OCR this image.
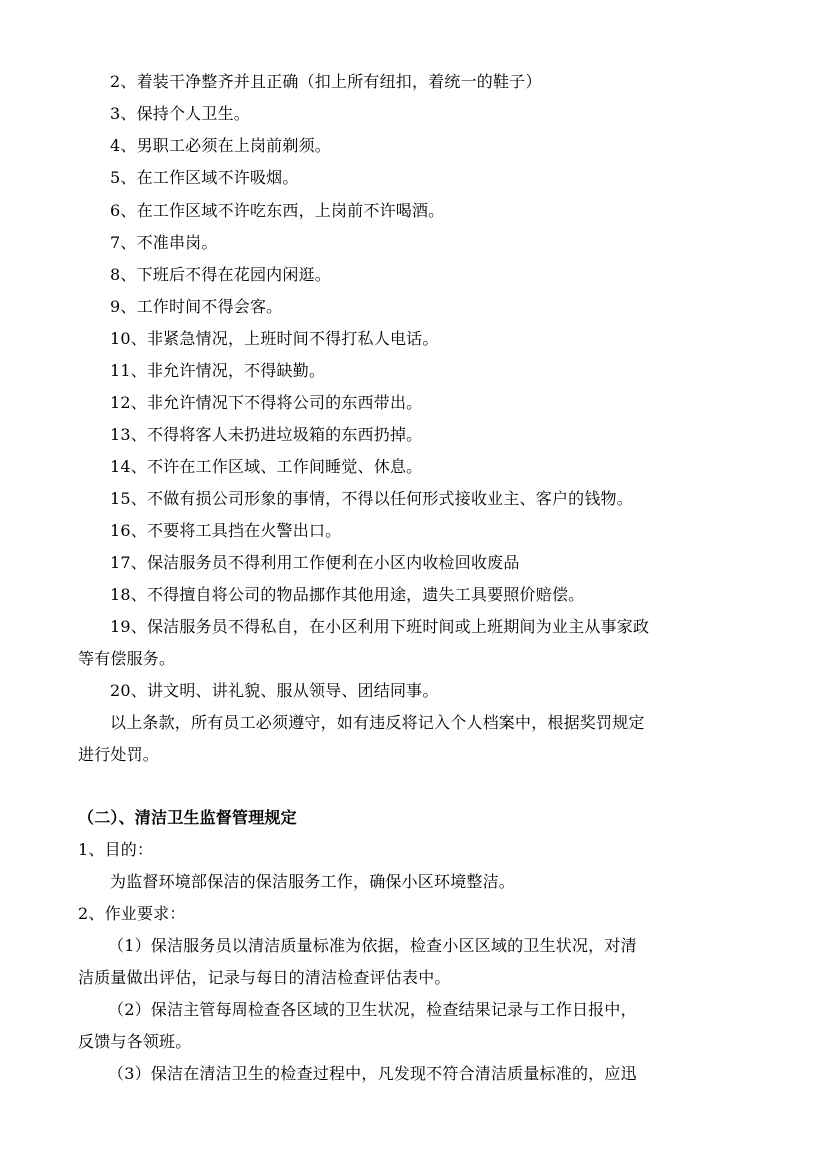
2、着装干净整齐并且正确（扣上所有纽扣，着统一的鞋子）
3、保持个人卫生。
4、男职工必须在上岗前剃须。
5、在工作区域不许吸烟。
6、在工作区域不许吃东西，上岗前不许喝酒。
7、不准串岗。
8、下班后不得在花园内闲逛。
9、工作时间不得会客。
10、非紧急情况，上班时间不得打私人电话。
11、非允许情况，不得缺勤。
12、非允许情况下不得将公司的东西带出。
13、不得将客人未扔进垃圾箱的东西扔掉。
14、不许在工作区域、工作间睡觉、休息。
15、不做有损公司形象的事情，不得以任何形式接收业主、客户的钱物。
16、不要将工具挡在火警出口。
17、保洁服务员不得利用工作便利在小区内收检回收废品
18、不得擅自将公司的物品挪作其他用途，遗失工具要照价赔偿。
19、保洁服务员不得私自，在小区利用下班时间或上班期间为业主从事家政
等有偿服务。
20、讲文明、讲礼貌、服从领导、团结同事。
以上条款，所有员工必须遵守，如有违反将记入个人档案中，根据奖罚规定
进行处罚。
（二）、清洁卫生监督管理规定
1、目的：
为监督环境部保洁的保洁服务工作，确保小区环境整洁。
2、作业要求：
（1）保洁服务员以清洁质量标准为依据，检查小区区域的卫生状况，对清
洁质量做出评估，记录与每日的清洁检查评估表中。
（2）保洁主管每周检查各区域的卫生状况，检查结果记录与工作日报中，
反馈与各领班。
（3）保洁在清洁卫生的检查过程中，凡发现不符合清洁质量标准的，应迅
